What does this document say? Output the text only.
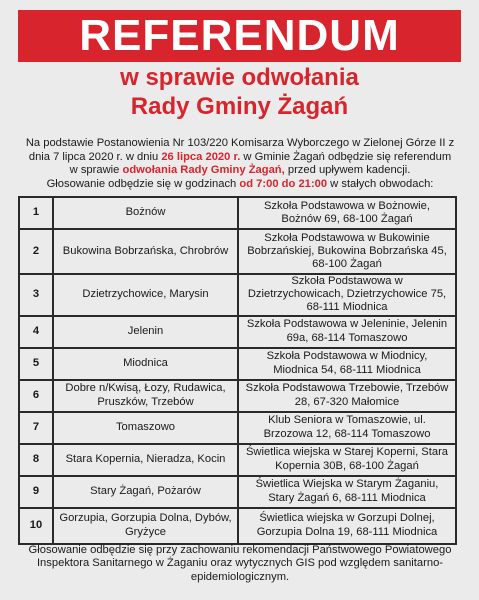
REFERENDUM
w sprawie odwołania
Rady Gminy Żagań
Na podstawie Postanowienia Nr 103/220 Komisarza Wyborczego w Zielonej Górze II z
dnia 7 lipca 2020 r. w dniu 26 lipca 2020 r. w Gminie Żagań odbędzie się referendum
w sprawie odwołania Rady Gminy Żagań, przed upływem kadencji.
Głosowanie odbędzie się w godzinach od 7:00 do 21:00 w stałych obwodach:
1	Bożnów	Szkoła Podstawowa w Bożnowie, Bożnów 69, 68-100 Żagań
2	Bukowina Bobrzańska, Chrobrów	Szkoła Podstawowa w Bukowinie Bobrzańskiej, Bukowina Bobrzańska 45, 68-100 Żagań
3	Dzietrzychowice, Marysin	Szkoła Podstawowa w Dzietrzychowicach, Dzietrzychowice 75, 68-111 Miodnica
4	Jelenin	Szkoła Podstawowa w Jeleninie, Jelenin 69a, 68-114 Tomaszowo
5	Miodnica	Szkoła Podstawowa w Miodnicy, Miodnica 54, 68-111 Miodnica
6	Dobre n/Kwisą, Łozy, Rudawica, Pruszków, Trzebów	Szkoła Podstawowa Trzebowie, Trzebów 28, 67-320 Małomice
7	Tomaszowo	Klub Seniora w Tomaszowie, ul. Brzozowa 12, 68-114 Tomaszowo
8	Stara Kopernia, Nieradza, Kocin	Świetlica wiejska w Starej Koperni, Stara Kopernia 30B, 68-100 Żagań
9	Stary Żagań, Pożarów	Świetlica Wiejska w Starym Żaganiu, Stary Żagań 6, 68-111 Miodnica
10	Gorzupia, Gorzupia Dolna, Dybów, Gryżyce	Świetlica wiejska w Gorzupi Dolnej, Gorzupia Dolna 19, 68-111 Miodnica
Głosowanie odbędzie się przy zachowaniu rekomendacji Państwowego Powiatowego Inspektora Sanitarnego w Żaganiu oraz wytycznych GIS pod względem sanitarno-epidemiologicznym.
